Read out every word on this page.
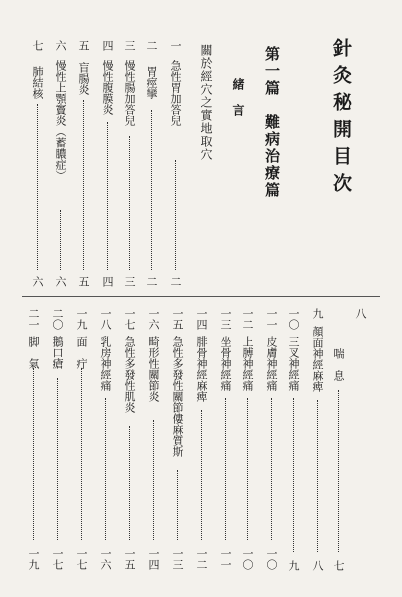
針灸秘開目次
第一篇　難病治療篇
緒　言
關於經穴之實地取穴
一
急性胃加答兒
二
二
胃痙攣
二
三
慢性腸加答兒
三
四
慢性腹膜炎
四
五
盲腸炎
五
六
慢性上顎竇炎（蓄膿症）
六
七
肺結核
六
八
喘　息
七
九
顏面神經麻痺
八
一〇
三叉神經痛
九
一一
皮膚神經痛
一〇
一二
上膊神經痛
一〇
一三
坐骨神經痛
一一
一四
腓骨神經麻痺
一二
一五
急性多發性關節僂麻質斯
一三
一六
畸形性關節炎
一四
一七
急性多發性肌炎
一五
一八
乳房神經痛
一六
一九
面　疔
一七
二〇
鵝口瘡
一七
二一
脚　氣
一九
